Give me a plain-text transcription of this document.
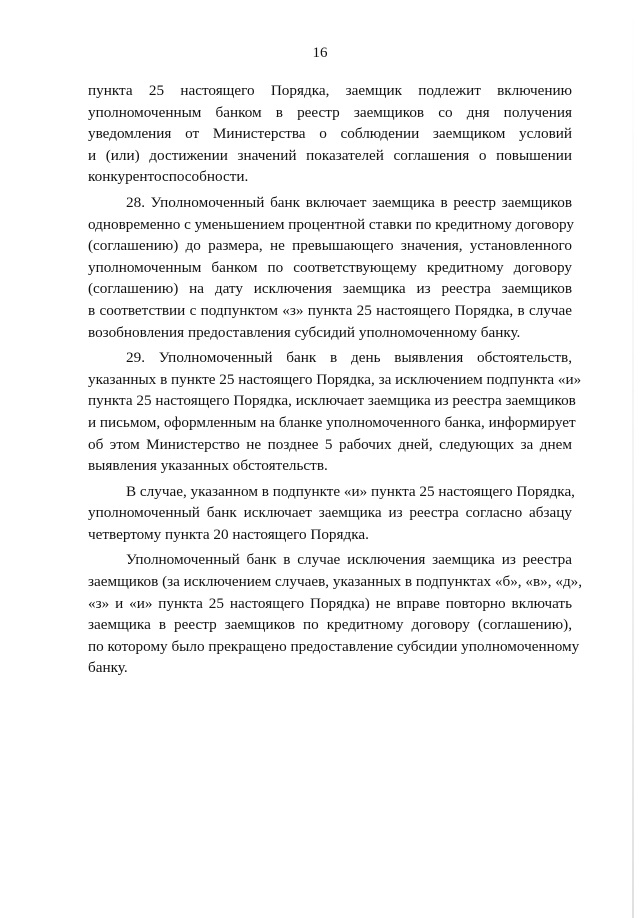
16
пункта 25 настоящего Порядка, заемщик подлежит включению
уполномоченным банком в реестр заемщиков со дня получения
уведомления от Министерства о соблюдении заемщиком условий
и (или) достижении значений показателей соглашения о повышении
конкурентоспособности.
28. Уполномоченный банк включает заемщика в реестр заемщиков
одновременно с уменьшением процентной ставки по кредитному договору
(соглашению) до размера, не превышающего значения, установленного
уполномоченным банком по соответствующему кредитному договору
(соглашению) на дату исключения заемщика из реестра заемщиков
в соответствии с подпунктом «з» пункта 25 настоящего Порядка, в случае
возобновления предоставления субсидий уполномоченному банку.
29. Уполномоченный банк в день выявления обстоятельств,
указанных в пункте 25 настоящего Порядка, за исключением подпункта «и»
пункта 25 настоящего Порядка, исключает заемщика из реестра заемщиков
и письмом, оформленным на бланке уполномоченного банка, информирует
об этом Министерство не позднее 5 рабочих дней, следующих за днем
выявления указанных обстоятельств.
В случае, указанном в подпункте «и» пункта 25 настоящего Порядка,
уполномоченный банк исключает заемщика из реестра согласно абзацу
четвертому пункта 20 настоящего Порядка.
Уполномоченный банк в случае исключения заемщика из реестра
заемщиков (за исключением случаев, указанных в подпунктах «б», «в», «д»,
«з» и «и» пункта 25 настоящего Порядка) не вправе повторно включать
заемщика в реестр заемщиков по кредитному договору (соглашению),
по которому было прекращено предоставление субсидии уполномоченному
банку.
